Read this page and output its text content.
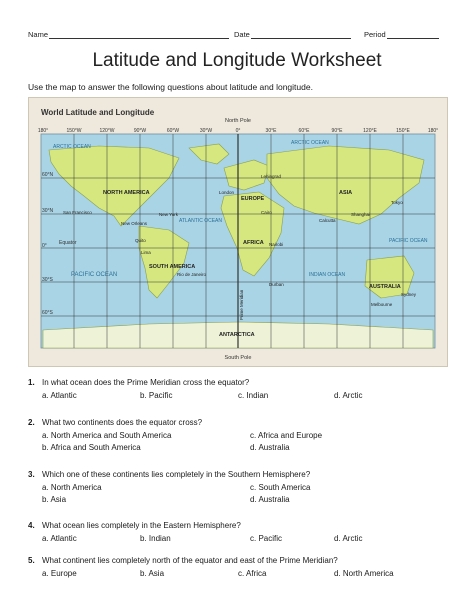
Name	Date	Period
Latitude and Longitude Worksheet
Use the map to answer the following questions about latitude and longitude.
World Latitude and Longitude
North Pole
South Pole
180°	150°W	120°W	90°W	60°W	30°W	0°	30°E	60°E	90°E	120°E	150°E	180°
60°N
30°N
Equator
0°
30°S
60°S
ARCTIC OCEAN
ARCTIC OCEAN
ATLANTIC OCEAN
PACIFIC OCEAN	INDIAN OCEAN
PACIFIC OCEAN
NORTH AMERICA
SOUTH AMERICA
EUROPE
AFRICA
ASIA
AUSTRALIA
ANTARCTICA
San Francisco	New York
New Orleans
Quito
Lima
Rio de Janeiro
London
Leningrad
Tokyo
Shanghai
Calcutta
Cairo
Nairobi
Durban
Sydney
Melbourne
Prime Meridian
1. In what ocean does the Prime Meridian cross the equator?
a. Atlantic	b. Pacific	c. Indian	d. Arctic
2. What two continents does the equator cross?
a. North America and South America	c. Africa and Europe
b. Africa and South America	d. Australia
3. Which one of these continents lies completely in the Southern Hemisphere?
a. North America	c. South America
b. Asia	d. Australia
4. What ocean lies completely in the Eastern Hemisphere?
a. Atlantic	b. Indian	c. Pacific	d. Arctic
5. What continent lies completely north of the equator and east of the Prime Meridian?
a. Europe	b. Asia	c. Africa	d. North America
